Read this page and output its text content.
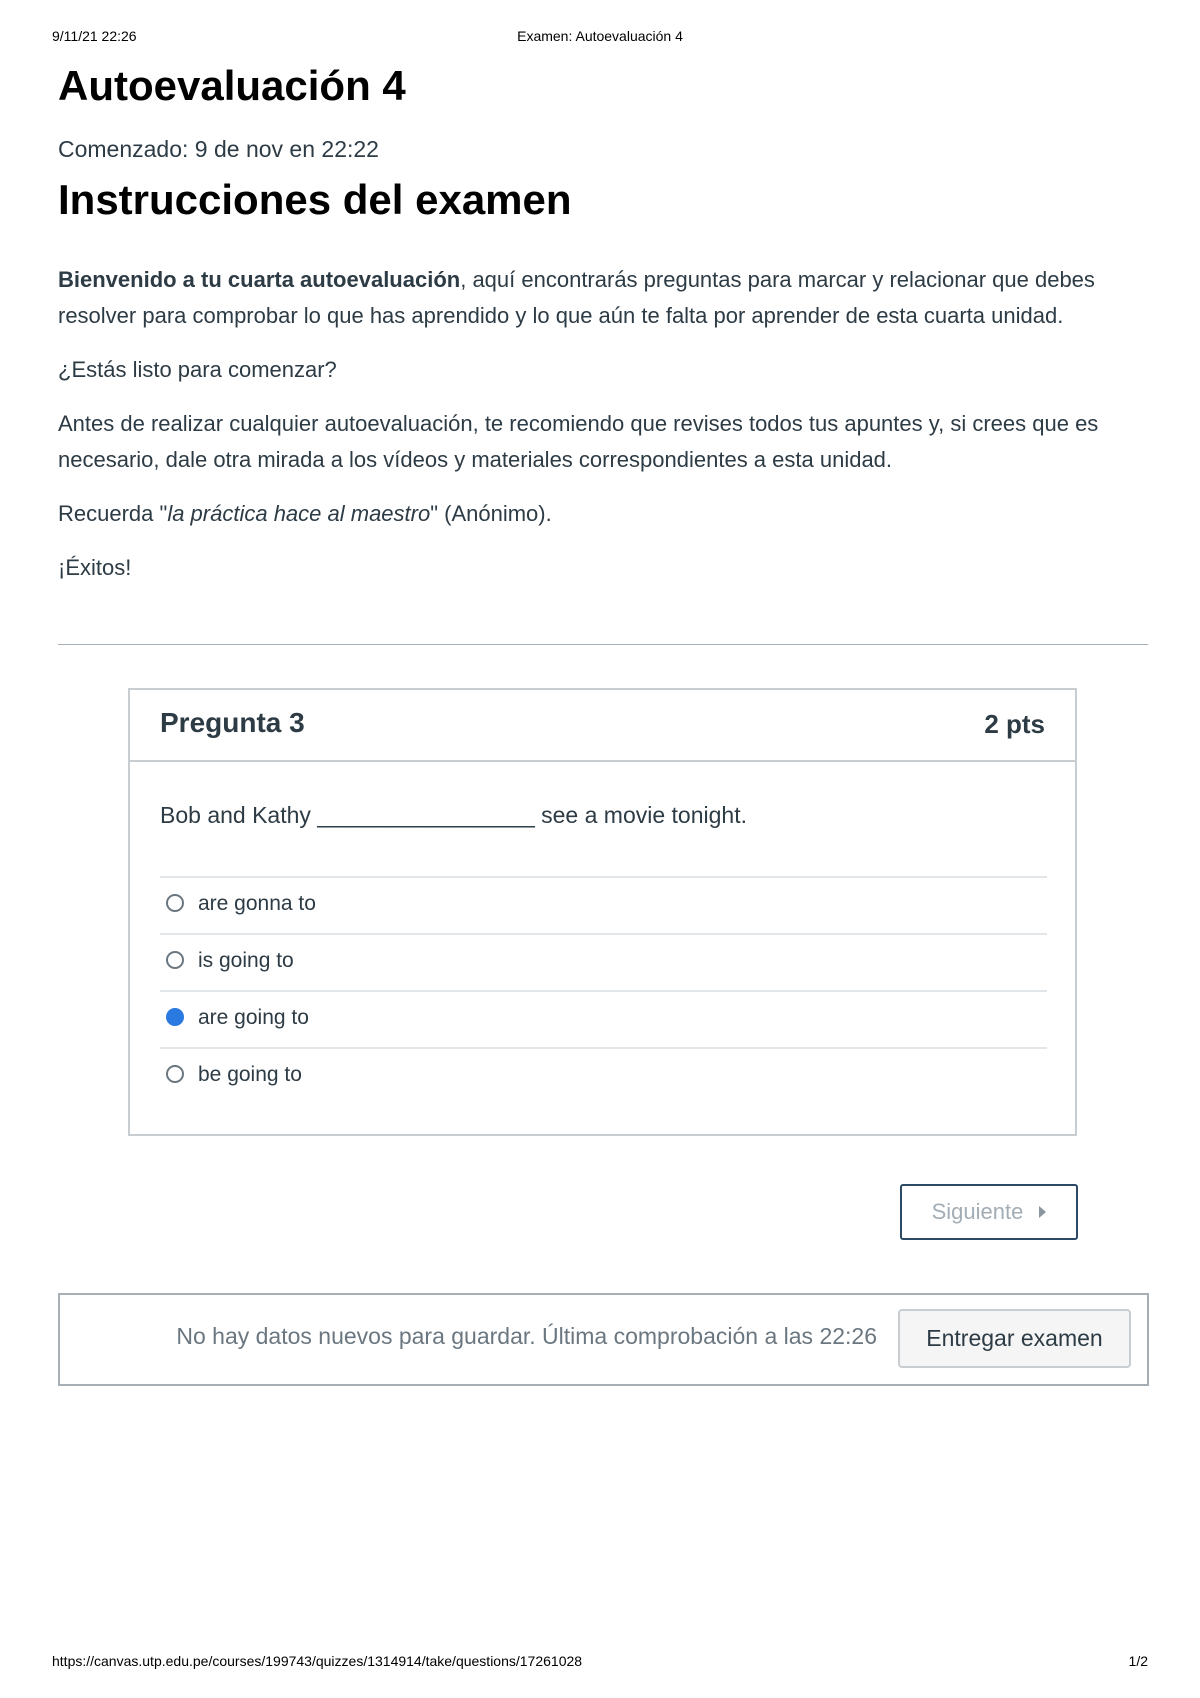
9/11/21 22:26	Examen: Autoevaluación 4
Autoevaluación 4
Comenzado: 9 de nov en 22:22
Instrucciones del examen

Bienvenido a tu cuarta autoevaluación, aquí encontrarás preguntas para marcar y relacionar que debes resolver para comprobar lo que has aprendido y lo que aún te falta por aprender de esta cuarta unidad.

¿Estás listo para comenzar?

Antes de realizar cualquier autoevaluación, te recomiendo que revises todos tus apuntes y, si crees que es necesario, dale otra mirada a los vídeos y materiales correspondientes a esta unidad.

Recuerda "la práctica hace al maestro" (Anónimo).

¡Éxitos!

Pregunta 3	2 pts
Bob and Kathy _________________ see a movie tonight.
are gonna to
is going to
are going to
be going to
Siguiente
No hay datos nuevos para guardar. Última comprobación a las 22:26	Entregar examen
https://canvas.utp.edu.pe/courses/199743/quizzes/1314914/take/questions/17261028	1/2
